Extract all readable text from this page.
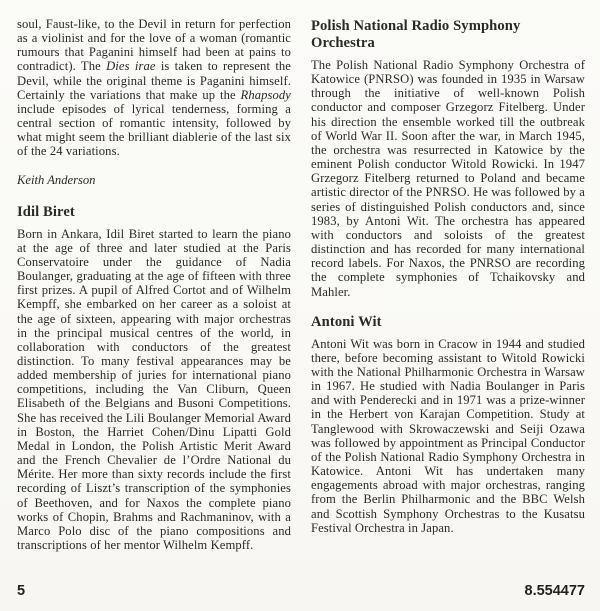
soul, Faust-like, to the Devil in return for perfection as a violinist and for the love of a woman (romantic rumours that Paganini himself had been at pains to contradict). The Dies irae is taken to represent the Devil, while the original theme is Paganini himself. Certainly the variations that make up the Rhapsody include episodes of lyrical tenderness, forming a central section of romantic intensity, followed by what might seem the brilliant diablerie of the last six of the 24 variations.

Keith Anderson

Idil Biret

Born in Ankara, Idil Biret started to learn the piano at the age of three and later studied at the Paris Conservatoire under the guidance of Nadia Boulanger, graduating at the age of fifteen with three first prizes. A pupil of Alfred Cortot and of Wilhelm Kempff, she embarked on her career as a soloist at the age of sixteen, appearing with major orchestras in the principal musical centres of the world, in collaboration with conductors of the greatest distinction. To many festival appearances may be added membership of juries for international piano competitions, including the Van Cliburn, Queen Elisabeth of the Belgians and Busoni Competitions. She has received the Lili Boulanger Memorial Award in Boston, the Harriet Cohen/Dinu Lipatti Gold Medal in London, the Polish Artistic Merit Award and the French Chevalier de l’Ordre National du Mérite. Her more than sixty records include the first recording of Liszt’s transcription of the symphonies of Beethoven, and for Naxos the complete piano works of Chopin, Brahms and Rachmaninov, with a Marco Polo disc of the piano compositions and transcriptions of her mentor Wilhelm Kempff.

Polish National Radio Symphony Orchestra

The Polish National Radio Symphony Orchestra of Katowice (PNRSO) was founded in 1935 in Warsaw through the initiative of well-known Polish conductor and composer Grzegorz Fitelberg. Under his direction the ensemble worked till the outbreak of World War II. Soon after the war, in March 1945, the orchestra was resurrected in Katowice by the eminent Polish conductor Witold Rowicki. In 1947 Grzegorz Fitelberg returned to Poland and became artistic director of the PNRSO. He was followed by a series of distinguished Polish conductors and, since 1983, by Antoni Wit. The orchestra has appeared with conductors and soloists of the greatest distinction and has recorded for many international record labels. For Naxos, the PNRSO are recording the complete symphonies of Tchaikovsky and Mahler.

Antoni Wit

Antoni Wit was born in Cracow in 1944 and studied there, before becoming assistant to Witold Rowicki with the National Philharmonic Orchestra in Warsaw in 1967. He studied with Nadia Boulanger in Paris and with Penderecki and in 1971 was a prize-winner in the Herbert von Karajan Competition. Study at Tanglewood with Skrowaczewski and Seiji Ozawa was followed by appointment as Principal Conductor of the Polish National Radio Symphony Orchestra in Katowice. Antoni Wit has undertaken many engagements abroad with major orchestras, ranging from the Berlin Philharmonic and the BBC Welsh and Scottish Symphony Orchestras to the Kusatsu Festival Orchestra in Japan.

5	8.554477
